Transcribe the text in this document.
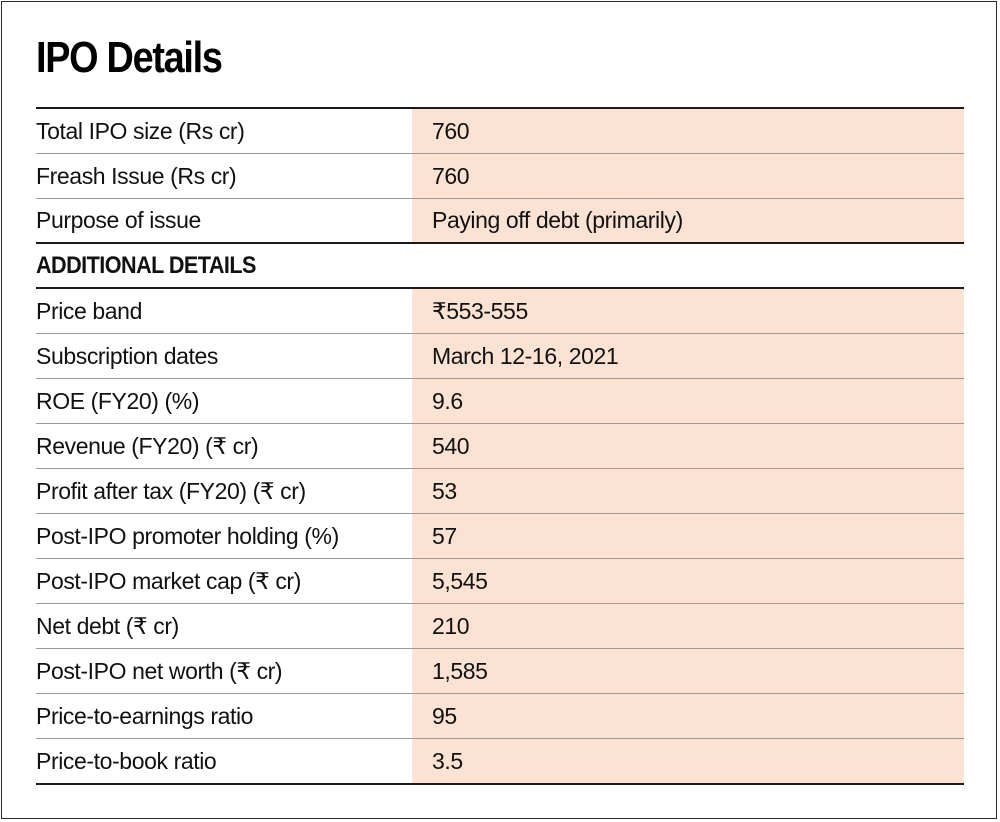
IPO Details
Total IPO size (Rs cr)	760
Freash Issue (Rs cr)	760
Purpose of issue	Paying off debt (primarily)
ADDITIONAL DETAILS
Price band	₹553-555
Subscription dates	March 12-16, 2021
ROE (FY20) (%)	9.6
Revenue (FY20) (₹ cr)	540
Profit after tax (FY20) (₹ cr)	53
Post-IPO promoter holding (%)	57
Post-IPO market cap (₹ cr)	5,545
Net debt (₹ cr)	210
Post-IPO net worth (₹ cr)	1,585
Price-to-earnings ratio	95
Price-to-book ratio	3.5
